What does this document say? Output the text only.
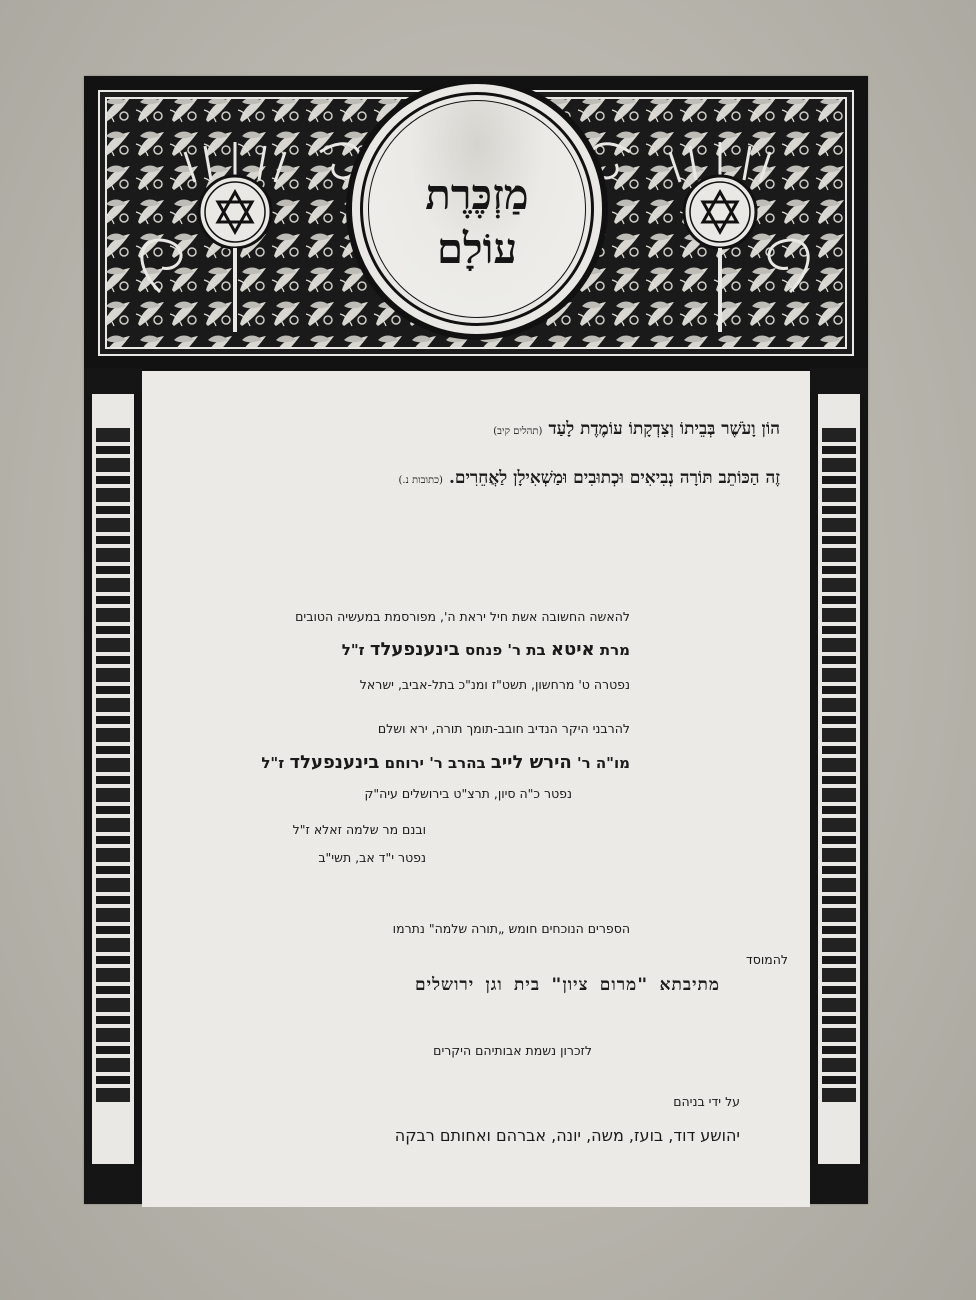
מַזְכֶּרֶת
עוֹלָם
הוֹן וָעֹשֶׁר בְּבֵיתוֹ וְצִדְקָתוֹ עוֹמֶדֶת לָעַד(תהלים קיב)
זֶה הַכּוֹתֵב תּוֹרָה נְבִיאִים וּכְתוּבִים וּמַשְׁאִילָן לַאֲחֵרִים.(כתובות נ.)
להאשה החשובה אשת חיל יראת ה', מפורסמת במעשיה הטובים
מרת איטא בת ר' פנחס בינענפעלד ז"ל
נפטרה ט' מרחשון, תשט"ז ומנ"כ בתל-אביב, ישראל
להרבני היקר הנדיב חובב-תומך תורה, ירא ושלם
מו"ה ר' הירש לייב בהרב ר' ירוחם בינענפעלד ז"ל
נפטר כ"ה סיון, תרצ"ט בירושלים עיה"ק
ובנם מר שלמה זאלא ז"ל
נפטר י"ד אב, תשי"ב
הספרים הנוכחים חומש „תורה שלמה" נתרמו
להמוסד
מתיבתא "מרום ציון" בית וגן ירושלים
לזכרון נשמת אבותיהם היקרים
על ידי בניהם
יהושע דוד, בועז, משה, יונה, אברהם ואחותם רבקה
